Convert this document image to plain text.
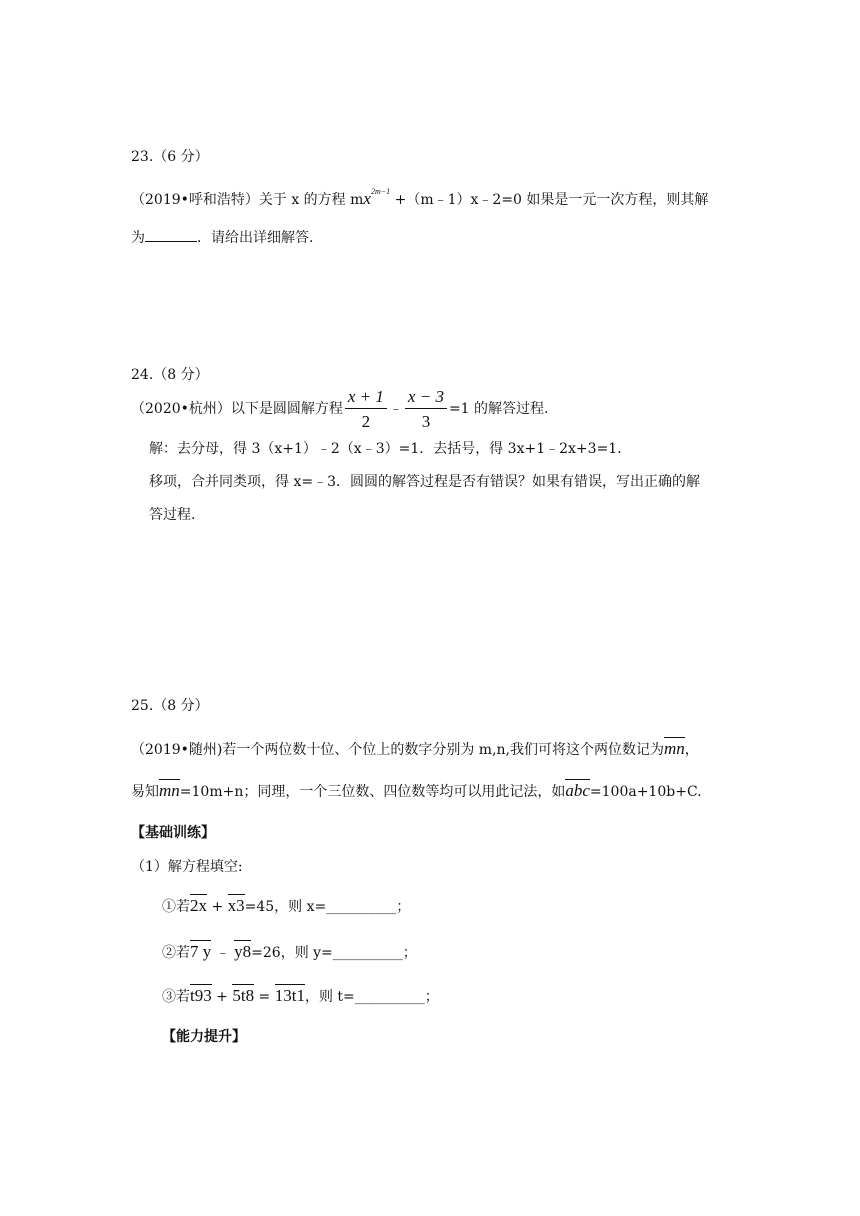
23.（6 分）
（2019•呼和浩特）关于 x 的方程 $mx^{2m-1}$ +（m﹣1）x﹣2=0 如果是一元一次方程，则其解
为	．请给出详细解答.
24.（8 分）
（2020•杭州）以下是圆圆解方程 $\frac{x + 1}{2}$ ﹣ $\frac{x - 3}{3} =1$ 的解答过程.
解：去分母，得 3（x+1）﹣2（x﹣3）=1．去括号，得 3x+1﹣2x+3=1．
移项，合并同类项，得 x=﹣3．圆圆的解答过程是否有错误？如果有错误，写出正确的解
答过程.
25.（8 分）
（2019•随州)若一个两位数十位、个位上的数字分别为 m,n,我们可将这个两位数记为mn，
易知mn=10m+n；同理，一个三位数、四位数等均可以用此记法，如abc=100a+10b+C.
【基础训练】
（1）解方程填空:
①若2x + x3=45，则 x=__________；
②若7 y ﹣ y8=26，则 y=__________；
③若t93 + 5t8 = 13t1，则 t=__________；
【能力提升】
